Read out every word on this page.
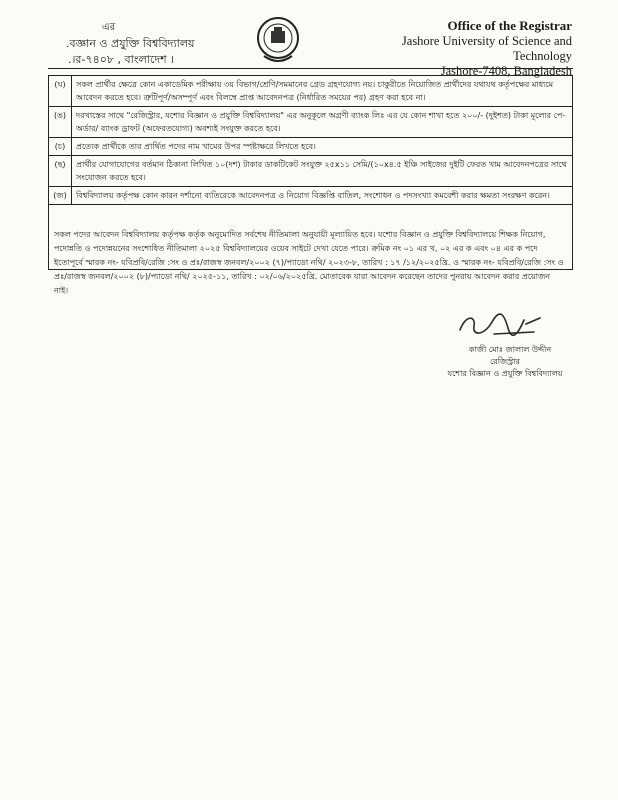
এর
.বজ্ঞান ও প্রযুক্তি বিশ্ববিদ্যালয়
.।র-৭৪০৮ , বাংলাদেশ ।
Office of the Registrar
Jashore University of Science and Technology
Jashore-7408, Bangladesh
(ঘ)	সকল প্রার্থীর ক্ষেত্রে কোন একাডেমিক পরীক্ষায় ৩য় বিভাগ/শ্রেণি/সমমানের গ্রেড গ্রহণযোগ্য নয়। চাকুরীতে নিয়োজিত প্রার্থীদের যথাযথ কর্তৃপক্ষের মাধ্যমে আবেদন করতে হবে। ত্রুটিপূর্ণ/অসম্পূর্ণ এবং বিলম্বে প্রাপ্ত আবেদনপত্র (নির্ধারিত সময়ের পর) গ্রহণ করা হবে না।
(ঙ)	দরখাস্তের সাথে "রেজিস্ট্রার, যশোর বিজ্ঞান ও প্রযুক্তি বিশ্ববিদ্যালয়" এর অনুকূলে অগ্রণী ব্যাংক লিঃ এর যে কোন শাখা হতে ২০০/- (দুইশত) টাকা মূল্যের পে-অর্ডার/ ব্যাংক ড্রাফট (অফেরতযোগ্য) অবশ্যই সংযুক্ত করতে হবে।
(চ)	প্রত্যেক প্রার্থীকে তার প্রার্থিত পদের নাম খামের উপর স্পষ্টাক্ষরে লিখতে হবে।
(ছ)	প্রার্থীর যোগাযোগের বর্তমান ঠিকানা লিখিত ১০(দশ) টাকার ডাকটিকেট সংযুক্ত ২৫x১১ সেমি/(১০x৪.৫ ইঞ্চি সাইজের দুইটি ফেরত খাম আবেদনপত্রের সাথে সংযোজন করতে হবে।
(জ)	বিশ্ববিদ্যালয় কর্তৃপক্ষ কোন কারন দর্শানো ব্যতিরেকে আবেদনপত্র ও নিয়োগ বিজ্ঞপ্তি বাতিল, সংশোধন ও পদসংখ্যা কমবেশী করার ক্ষমতা সংরক্ষণ করেন।
সকল পদের আবেদন বিশ্ববিদ্যালয় কর্তৃপক্ষ কর্তৃক অনুমোদিত সর্বশেষ নীতিমালা অনুযায়ী মূল্যায়িত হবে। যশোর বিজ্ঞান ও প্রযুক্তি বিশ্ববিদ্যালয়ে শিক্ষক নিয়োগ, পদোন্নতি ও পদোন্নয়নের সংশোধিত নীতিমালা ২০২৫ বিশ্ববিদ্যালয়ের ওয়েব সাইটে দেখা যেতে পারে। ক্রমিক নং ০১ এর খ, ০২ এর ক এবং ০৪ এর ক পদে ইতোপূর্বে স্মারক নং- যবিপ্রবি/রেজি :সং ও প্রঃ/রাজস্ব জনবল/২০০২ (৭)/প্যাডো নথি/ ২০২৩-৮, তারিখ : ১৭ /১২/২০২৫খ্রি. ও স্মারক নং- যবিপ্রবি/রেজি :সং ও প্রঃ/রাজস্ব জনবল/২০০২ (৮)/প্যাডো নথি/ ২০২৫-১১, তারিখ : ০২/০৬/২০২৫খ্রি. মোতাবেক যারা আবেদন করেছেন তাদের পুনরায় আবেদন করার প্রয়োজন নাই।
কাজী মোঃ জালাল উদ্দীন
রেজিস্ট্রার
যশোর বিজ্ঞান ও প্রযুক্তি বিশ্ববিদ্যালয়
